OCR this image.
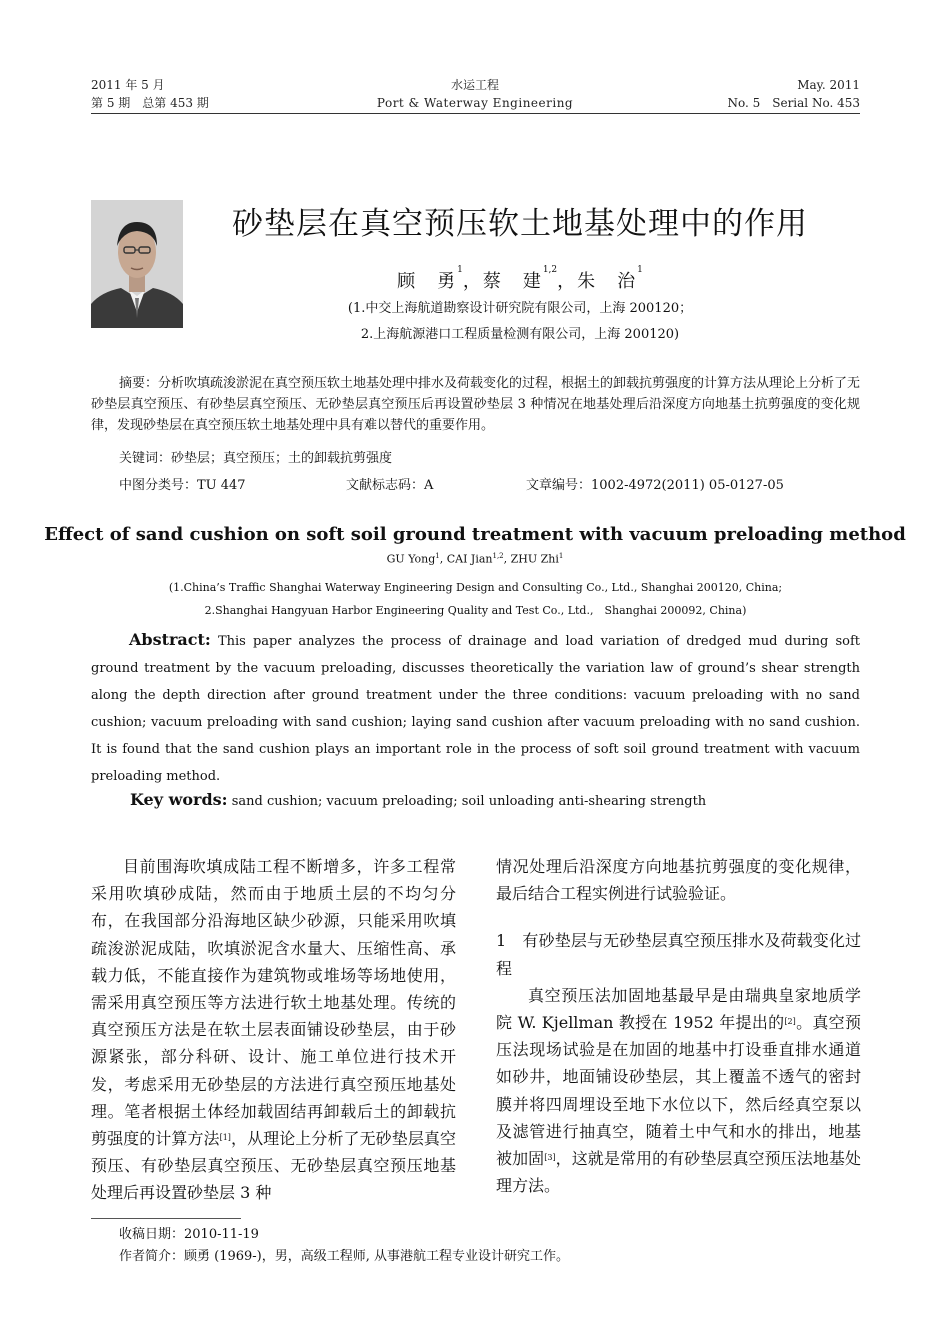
2011 年 5 月
第 5 期　总第 453 期
水运工程
Port & Waterway Engineering
May. 2011
No. 5　Serial No. 453
砂垫层在真空预压软土地基处理中的作用
顾　勇$^1$，蔡　建$^{1,2}$，朱　治$^1$
(1.中交上海航道勘察设计研究院有限公司，上海 200120；
2.上海航源港口工程质量检测有限公司，上海 200120)
摘要：分析吹填疏浚淤泥在真空预压软土地基处理中排水及荷载变化的过程，根据土的卸载抗剪强度的计算方法从理论上分析了无砂垫层真空预压、有砂垫层真空预压、无砂垫层真空预压后再设置砂垫层 3 种情况在地基处理后沿深度方向地基土抗剪强度的变化规律，发现砂垫层在真空预压软土地基处理中具有难以替代的重要作用。
关键词：砂垫层；真空预压；土的卸载抗剪强度
中图分类号：TU 447	文献标志码：A	文章编号：1002-4972(2011) 05-0127-05
Effect of sand cushion on soft soil ground treatment with vacuum preloading method
GU Yong$^1$, CAI Jian$^{1,2}$, ZHU Zhi$^1$
(1.China’s Traffic Shanghai Waterway Engineering Design and Consulting Co., Ltd., Shanghai 200120, China;
2.Shanghai Hangyuan Harbor Engineering Quality and Test Co., Ltd.,　Shanghai 200092, China)
Abstract: This paper analyzes the process of drainage and load variation of dredged mud during soft ground treatment by the vacuum preloading, discusses theoretically the variation law of ground’s shear strength along the depth direction after ground treatment under the three conditions: vacuum preloading with no sand cushion; vacuum preloading with sand cushion; laying sand cushion after vacuum preloading with no sand cushion. It is found that the sand cushion plays an important role in the process of soft soil ground treatment with vacuum preloading method.
Key words: sand cushion; vacuum preloading; soil unloading anti-shearing strength

目前围海吹填成陆工程不断增多，许多工程常采用吹填砂成陆，然而由于地质土层的不均匀分布，在我国部分沿海地区缺少砂源，只能采用吹填疏浚淤泥成陆，吹填淤泥含水量大、压缩性高、承载力低，不能直接作为建筑物或堆场等场地使用，需采用真空预压等方法进行软土地基处理。传统的真空预压方法是在软土层表面铺设砂垫层，由于砂源紧张，部分科研、设计、施工单位进行技术开发，考虑采用无砂垫层的方法进行真空预压地基处理。笔者根据土体经加载固结再卸载后土的卸载抗剪强度的计算方法[1]，从理论上分析了无砂垫层真空预压、有砂垫层真空预压、无砂垫层真空预压地基处理后再设置砂垫层 3 种

情况处理后沿深度方向地基抗剪强度的变化规律，最后结合工程实例进行试验验证。

1　有砂垫层与无砂垫层真空预压排水及荷载变化过程

真空预压法加固地基最早是由瑞典皇家地质学院 W. Kjellman 教授在 1952 年提出的[2]。真空预压法现场试验是在加固的地基中打设垂直排水通道如砂井，地面铺设砂垫层，其上覆盖不透气的密封膜并将四周埋设至地下水位以下，然后经真空泵以及滤管进行抽真空，随着土中气和水的排出，地基被加固[3]，这就是常用的有砂垫层真空预压法地基处理方法。

收稿日期：2010-11-19
作者简介：顾勇 (1969-)，男，高级工程师, 从事港航工程专业设计研究工作。
